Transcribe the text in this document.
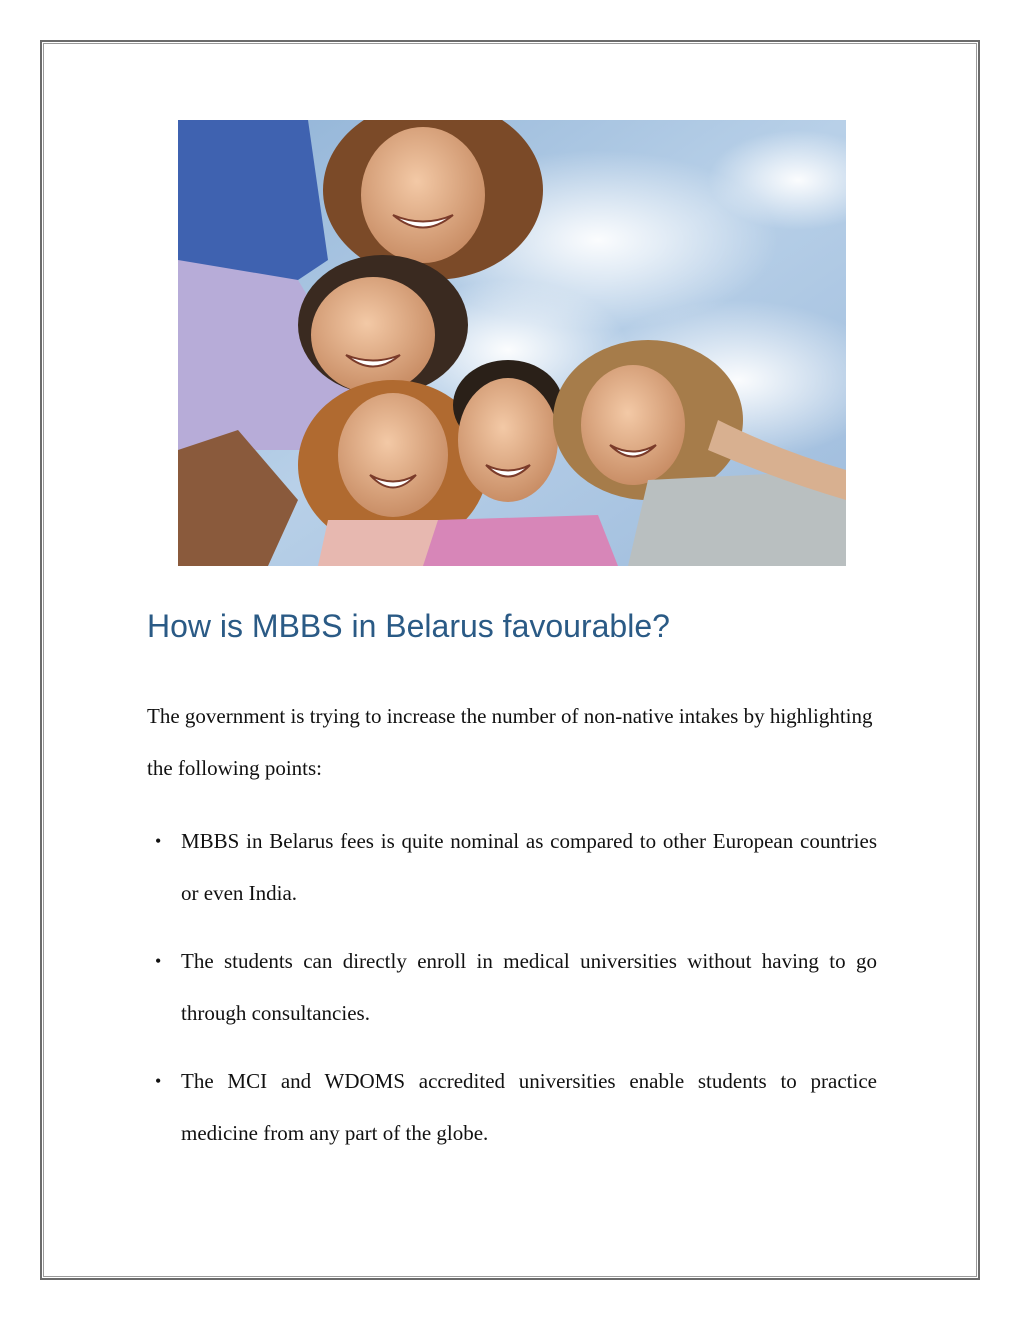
How is MBBS in Belarus favourable?

The government is trying to increase the number of non-native intakes by highlighting the following points:

• MBBS in Belarus fees is quite nominal as compared to other European countries or even India.
• The students can directly enroll in medical universities without having to go through consultancies.
• The MCI and WDOMS accredited universities enable students to practice medicine from any part of the globe.
